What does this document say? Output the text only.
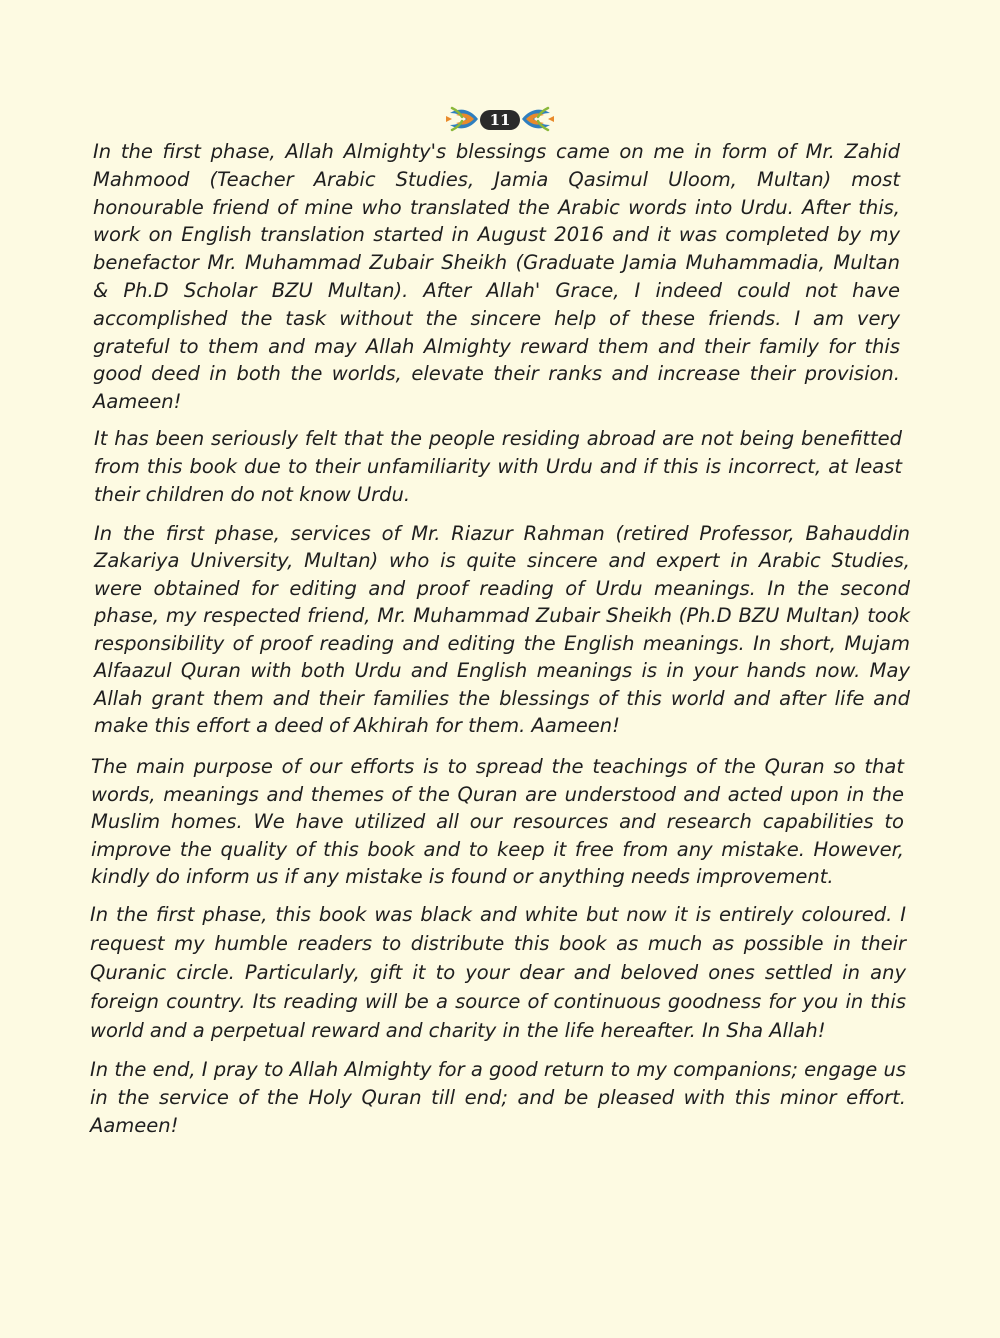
11

In the first phase, Allah Almighty's blessings came on me in form of Mr. Zahid Mahmood (Teacher Arabic Studies, Jamia Qasimul Uloom, Multan) most honourable friend of mine who translated the Arabic words into Urdu. After this, work on English translation started in August 2016 and it was completed by my benefactor Mr. Muhammad Zubair Sheikh (Graduate Jamia Muhammadia, Multan & Ph.D Scholar BZU Multan). After Allah' Grace, I indeed could not have accomplished the task without the sincere help of these friends. I am very grateful to them and may Allah Almighty reward them and their family for this good deed in both the worlds, elevate their ranks and increase their provision. Aameen!

It has been seriously felt that the people residing abroad are not being benefitted from this book due to their unfamiliarity with Urdu and if this is incorrect, at least their children do not know Urdu.

In the first phase, services of Mr. Riazur Rahman (retired Professor, Bahauddin Zakariya University, Multan) who is quite sincere and expert in Arabic Studies, were obtained for editing and proof reading of Urdu meanings. In the second phase, my respected friend, Mr. Muhammad Zubair Sheikh (Ph.D BZU Multan) took responsibility of proof reading and editing the English meanings. In short, Mujam Alfaazul Quran with both Urdu and English meanings is in your hands now. May Allah grant them and their families the blessings of this world and after life and make this effort a deed of Akhirah for them. Aameen!

The main purpose of our efforts is to spread the teachings of the Quran so that words, meanings and themes of the Quran are understood and acted upon in the Muslim homes. We have utilized all our resources and research capabilities to improve the quality of this book and to keep it free from any mistake. However, kindly do inform us if any mistake is found or anything needs improvement.

In the first phase, this book was black and white but now it is entirely coloured. I request my humble readers to distribute this book as much as possible in their Quranic circle. Particularly, gift it to your dear and beloved ones settled in any foreign country. Its reading will be a source of continuous goodness for you in this world and a perpetual reward and charity in the life hereafter. In Sha Allah!

In the end, I pray to Allah Almighty for a good return to my companions; engage us in the service of the Holy Quran till end; and be pleased with this minor effort. Aameen!
